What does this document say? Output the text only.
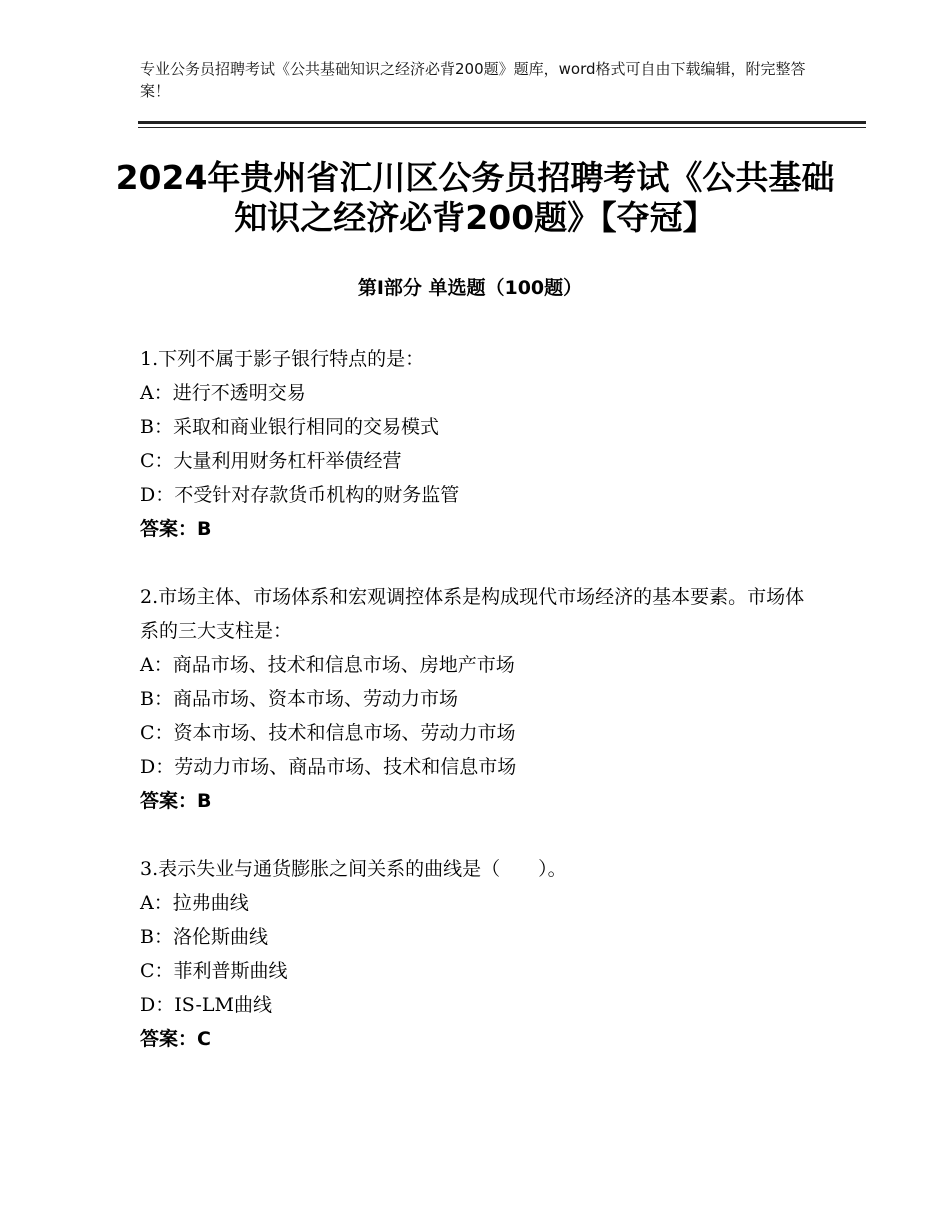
专业公务员招聘考试《公共基础知识之经济必背200题》题库，word格式可自由下载编辑，附完整答案！
2024年贵州省汇川区公务员招聘考试《公共基础知识之经济必背200题》【夺冠】
第I部分 单选题（100题）
1.下列不属于影子银行特点的是：
A：进行不透明交易
B：采取和商业银行相同的交易模式
C：大量利用财务杠杆举债经营
D：不受针对存款货币机构的财务监管
答案：B
2.市场主体、市场体系和宏观调控体系是构成现代市场经济的基本要素。市场体系的三大支柱是：
A：商品市场、技术和信息市场、房地产市场
B：商品市场、资本市场、劳动力市场
C：资本市场、技术和信息市场、劳动力市场
D：劳动力市场、商品市场、技术和信息市场
答案：B
3.表示失业与通货膨胀之间关系的曲线是（　　）。
A：拉弗曲线
B：洛伦斯曲线
C：菲利普斯曲线
D：IS-LM曲线
答案：C
